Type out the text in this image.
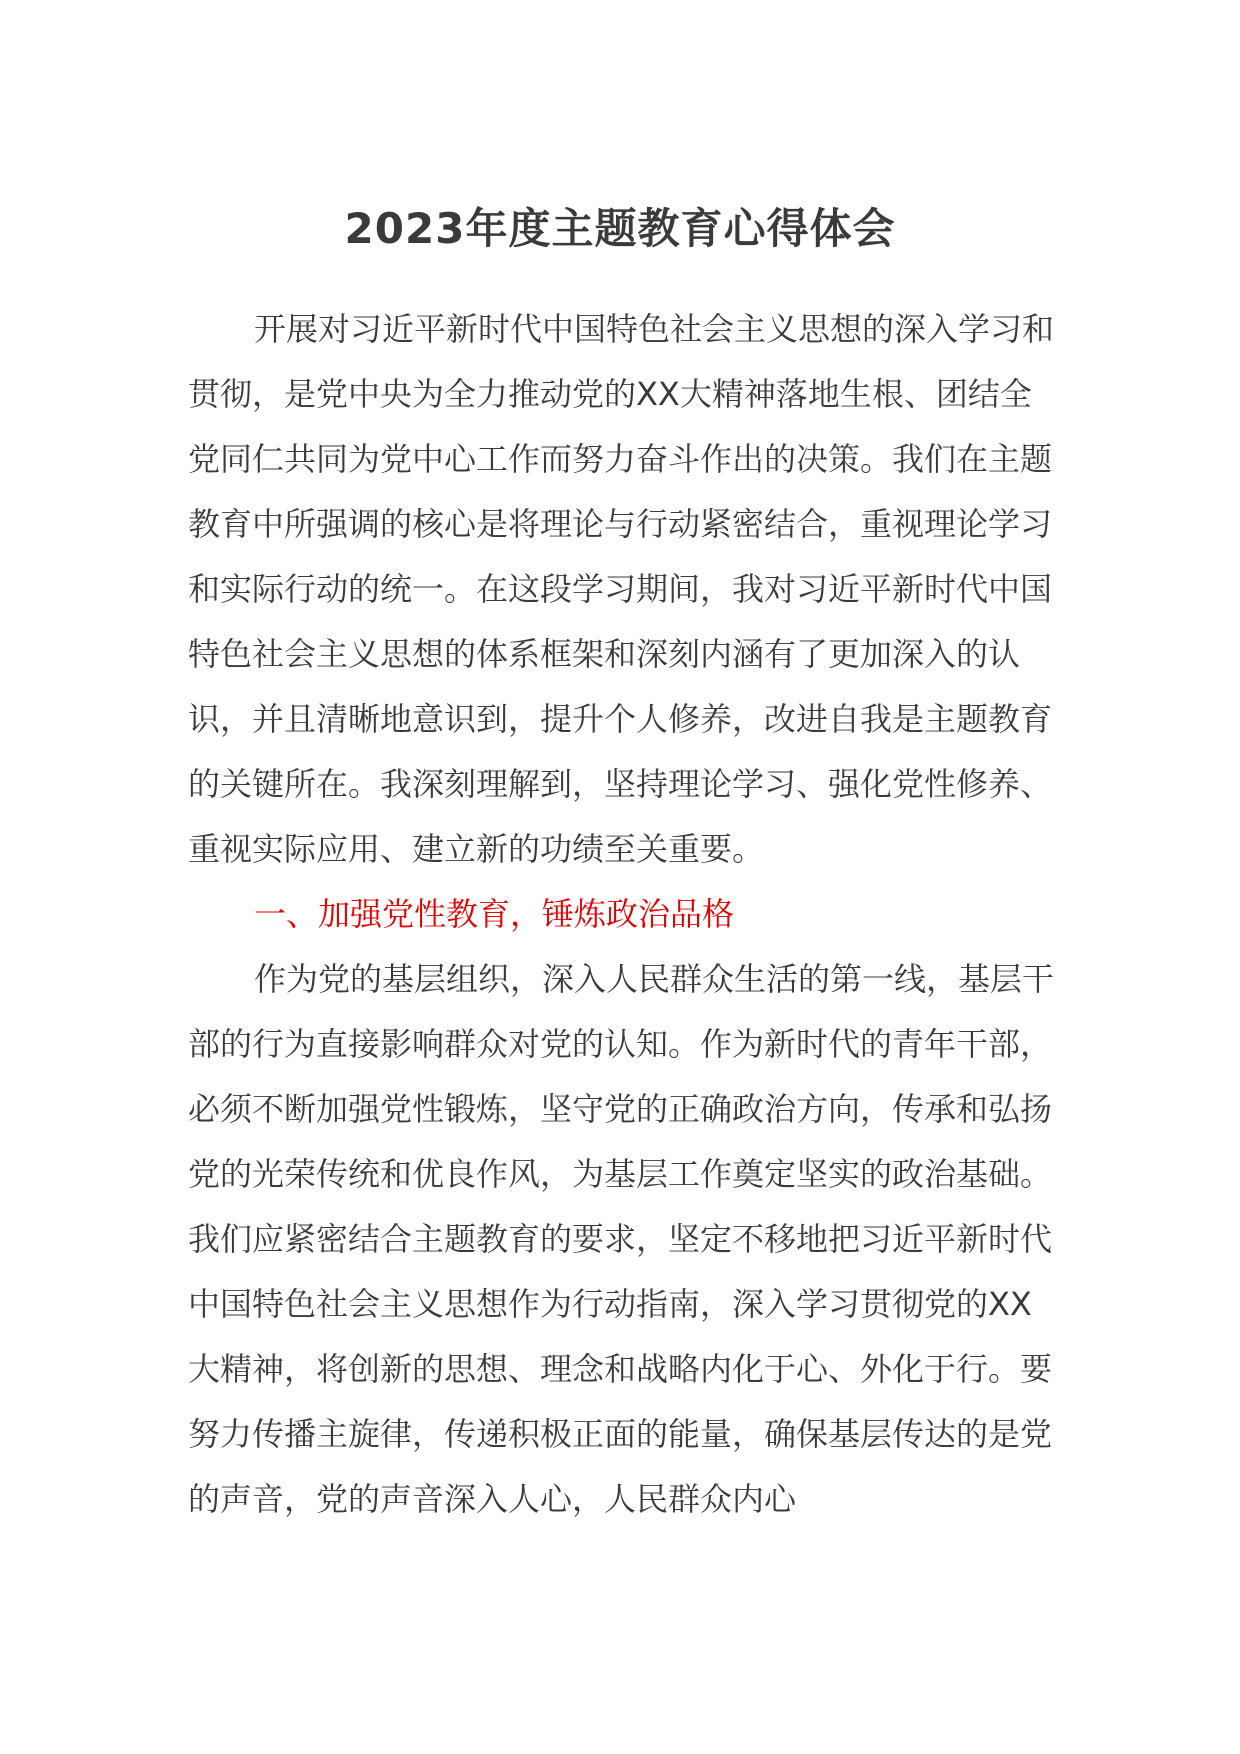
2023年度主题教育心得体会

开展对习近平新时代中国特色社会主义思想的深入学习和贯彻，是党中央为全力推动党的XX大精神落地生根、团结全党同仁共同为党中心工作而努力奋斗作出的决策。我们在主题教育中所强调的核心是将理论与行动紧密结合，重视理论学习和实际行动的统一。在这段学习期间，我对习近平新时代中国特色社会主义思想的体系框架和深刻内涵有了更加深入的认识，并且清晰地意识到，提升个人修养，改进自我是主题教育的关键所在。我深刻理解到，坚持理论学习、强化党性修养、重视实际应用、建立新的功绩至关重要。

一、加强党性教育，锤炼政治品格

作为党的基层组织，深入人民群众生活的第一线，基层干部的行为直接影响群众对党的认知。作为新时代的青年干部，必须不断加强党性锻炼，坚守党的正确政治方向，传承和弘扬党的光荣传统和优良作风，为基层工作奠定坚实的政治基础。我们应紧密结合主题教育的要求，坚定不移地把习近平新时代中国特色社会主义思想作为行动指南，深入学习贯彻党的XX大精神，将创新的思想、理念和战略内化于心、外化于行。要努力传播主旋律，传递积极正面的能量，确保基层传达的是党的声音，党的声音深入人心，人民群众内心
